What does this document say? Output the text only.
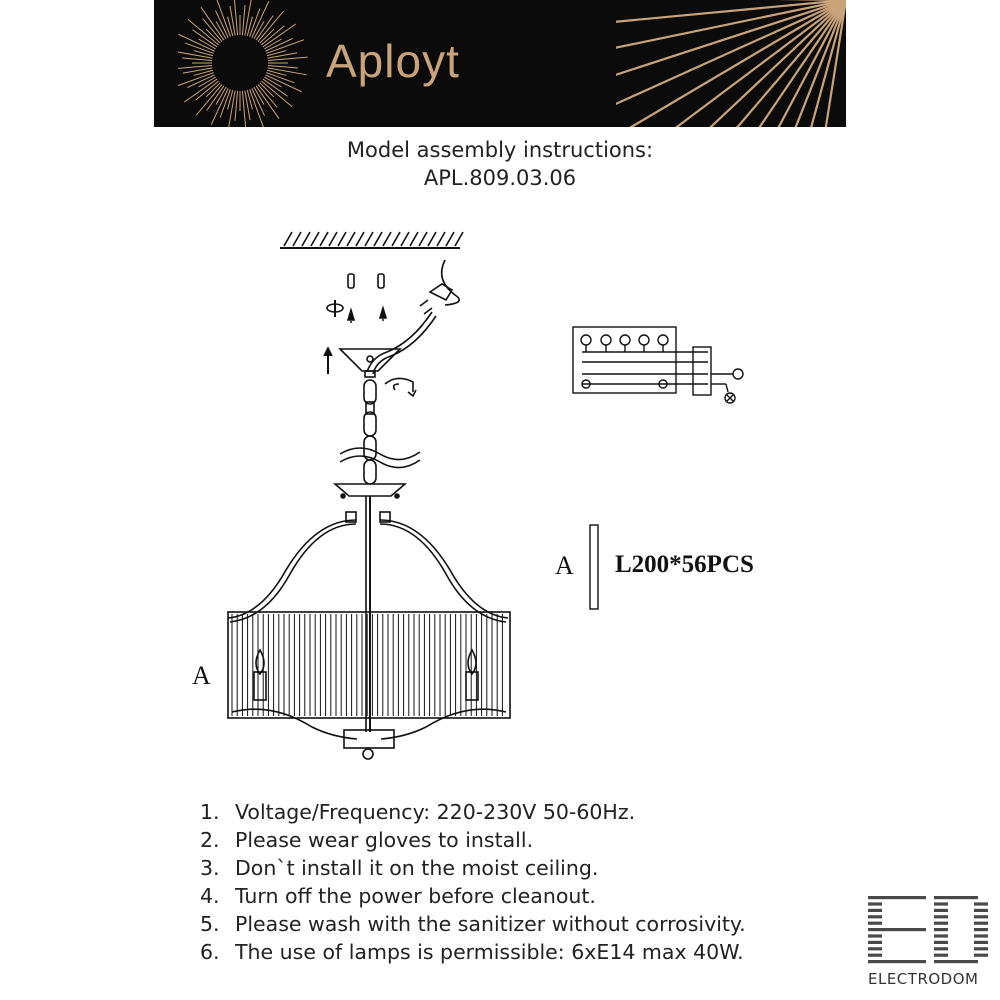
Aployt
Model assembly instructions:
APL.809.03.06
A L200*56PCS
A
1. Voltage/Frequency: 220-230V 50-60Hz.
2. Please wear gloves to install.
3. Don`t install it on the moist ceiling.
4. Turn off the power before cleanout.
5. Please wash with the sanitizer without corrosivity.
6. The use of lamps is permissible: 6xE14 max 40W.
ELECTRODOM
